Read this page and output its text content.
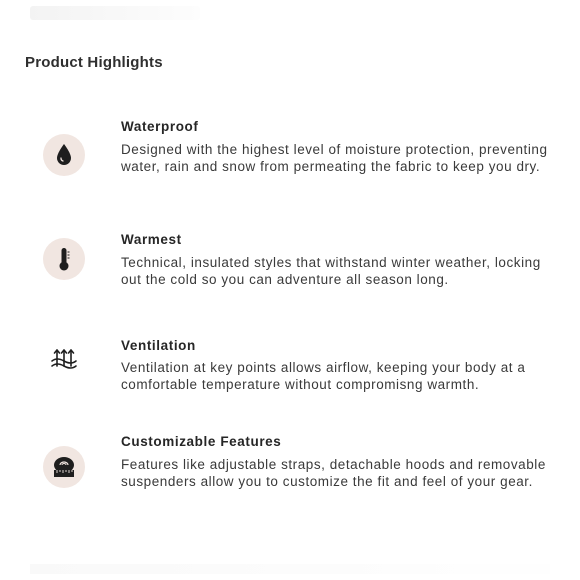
Product Highlights
Waterproof
Designed with the highest level of moisture protection, preventing water, rain and snow from permeating the fabric to keep you dry.
Warmest
Technical, insulated styles that withstand winter weather, locking out the cold so you can adventure all season long.
Ventilation
Ventilation at key points allows airflow, keeping your body at a comfortable temperature without compromisng warmth.
Customizable Features
Features like adjustable straps, detachable hoods and removable suspenders allow you to customize the fit and feel of your gear.
